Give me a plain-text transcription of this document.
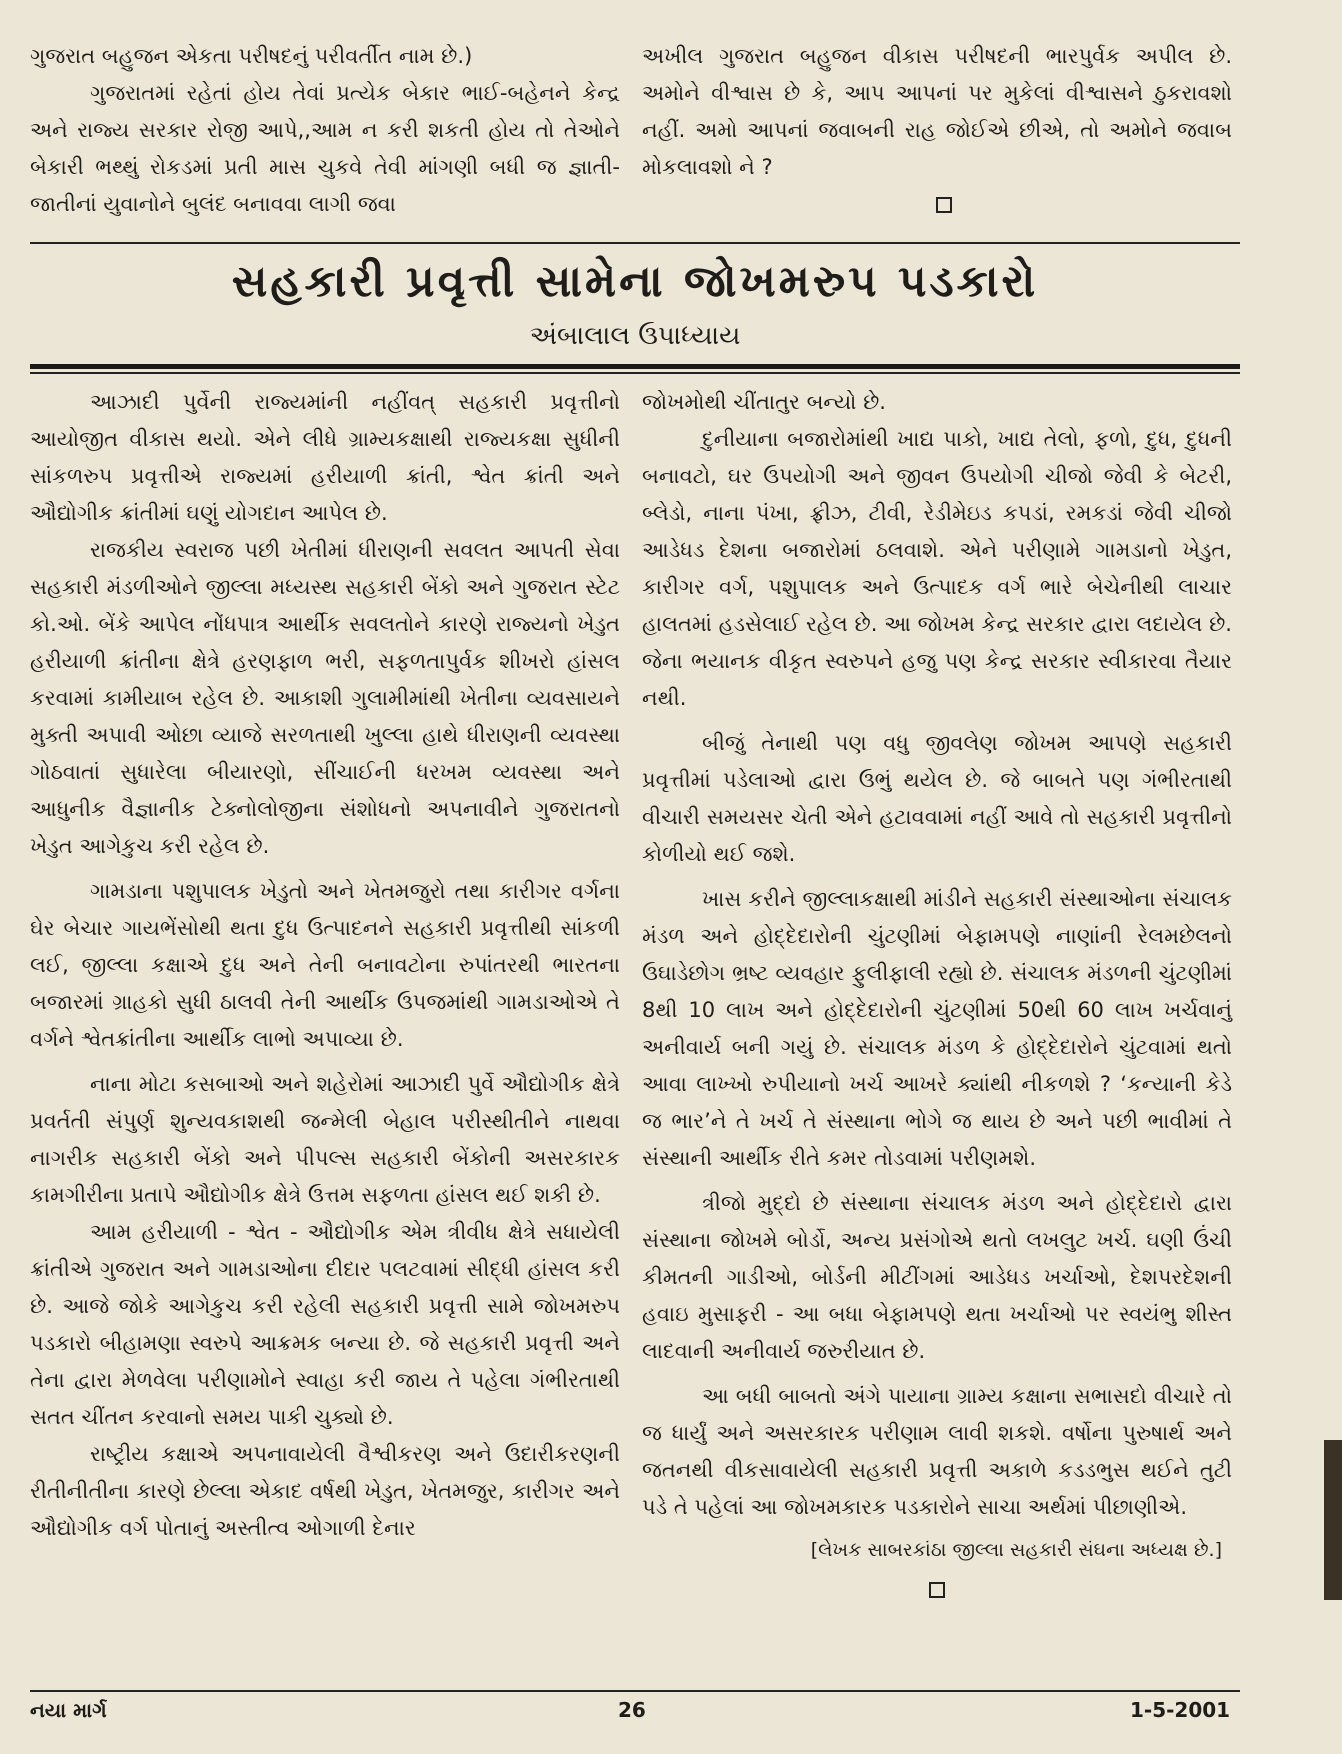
ગુજરાત બહુજન એકતા પરીષદનું પરીવર્તીત નામ છે.)

ગુજરાતમાં રહેતાં હોય તેવાં પ્રત્યેક બેકાર ભાઈ-બહેનને કેન્દ્ર અને રાજ્ય સરકાર રોજી આપે,,આમ ન કરી શકતી હોય તો તેઓને બેકારી ભથ્થું રોકડમાં પ્રતી માસ ચુકવે તેવી માંગણી બધી જ જ્ઞાતી-જાતીનાં યુવાનોને બુલંદ બનાવવા લાગી જવા

અખીલ ગુજરાત બહુજન વીકાસ પરીષદની ભારપુર્વક અપીલ છે. અમોને વીશ્વાસ છે કે, આપ આપનાં પર મુકેલાં વીશ્વાસને ઠુકરાવશો નહીં. અમો આપનાં જવાબની રાહ જોઈએ છીએ, તો અમોને જવાબ મોકલાવશો ને ?

સહકારી પ્રવૃત્તી સામેના જોખમરુપ પડકારો
અંબાલાલ ઉપાધ્યાય

આઝાદી પુર્વેની રાજ્યમાંની નહીંવત્ સહકારી પ્રવૃત્તીનો આયોજીત વીકાસ થયો. એને લીધે ગ્રામ્યકક્ષાથી રાજ્યકક્ષા સુધીની સાંકળરુપ પ્રવૃત્તીએ રાજ્યમાં હરીયાળી ક્રાંતી, શ્વેત ક્રાંતી અને ઔદ્યોગીક ક્રાંતીમાં ઘણું યોગદાન આપેલ છે.

રાજકીય સ્વરાજ પછી ખેતીમાં ધીરાણની સવલત આપતી સેવા સહકારી મંડળીઓને જીલ્લા મધ્યસ્થ સહકારી બેંકો અને ગુજરાત સ્ટેટ કો.ઓ. બેંકે આપેલ નોંધપાત્ર આર્થીક સવલતોને કારણે રાજ્યનો ખેડુત હરીયાળી ક્રાંતીના ક્ષેત્રે હરણફાળ ભરી, સફળતાપુર્વક શીખરો હાંસલ કરવામાં કામીયાબ રહેલ છે. આકાશી ગુલામીમાંથી ખેતીના વ્યવસાયને મુક્તી અપાવી ઓછા વ્યાજે સરળતાથી ખુલ્લા હાથે ધીરાણની વ્યવસ્થા ગોઠવાતાં સુધારેલા બીયારણો, સીંચાઈની ધરખમ વ્યવસ્થા અને આધુનીક વૈજ્ઞાનીક ટેક્નોલોજીના સંશોધનો અપનાવીને ગુજરાતનો ખેડુત આગેકુચ કરી રહેલ છે.

ગામડાના પશુપાલક ખેડુતો અને ખેતમજુરો તથા કારીગર વર્ગના ઘેર બેચાર ગાયભેંસોથી થતા દુધ ઉત્પાદનને સહકારી પ્રવૃત્તીથી સાંકળી લઈ, જીલ્લા કક્ષાએ દુધ અને તેની બનાવટોના રુપાંતરથી ભારતના બજારમાં ગ્રાહકો સુધી ઠાલવી તેની આર્થીક ઉપજમાંથી ગામડાઓએ તે વર્ગને શ્વેતક્રાંતીના આર્થીક લાભો અપાવ્યા છે.

નાના મોટા કસબાઓ અને શહેરોમાં આઝાદી પુર્વે ઔદ્યોગીક ક્ષેત્રે પ્રવર્તતી સંપુર્ણ શુન્યવકાશથી જન્મેલી બેહાલ પરીસ્થીતીને નાથવા નાગરીક સહકારી બેંકો અને પીપલ્સ સહકારી બેંકોની અસરકારક કામગીરીના પ્રતાપે ઔદ્યોગીક ક્ષેત્રે ઉત્તમ સફળતા હાંસલ થઈ શકી છે.

આમ હરીયાળી - શ્વેત - ઔદ્યોગીક એમ ત્રીવીધ ક્ષેત્રે સધાયેલી ક્રાંતીએ ગુજરાત અને ગામડાઓના દીદાર પલટવામાં સીદ્ધી હાંસલ કરી છે. આજે જોકે આગેકુચ કરી રહેલી સહકારી પ્રવૃત્તી સામે જોખમરુપ પડકારો બીહામણા સ્વરુપે આક્રમક બન્યા છે. જે સહકારી પ્રવૃત્તી અને તેના દ્વારા મેળવેલા પરીણામોને સ્વાહા કરી જાય તે પહેલા ગંભીરતાથી સતત ચીંતન કરવાનો સમય પાકી ચુક્યો છે.

રાષ્ટ્રીય કક્ષાએ અપનાવાયેલી વૈશ્વીકરણ અને ઉદારીકરણની રીતીનીતીના કારણે છેલ્લા એકાદ વર્ષથી ખેડુત, ખેતમજુર, કારીગર અને ઔદ્યોગીક વર્ગ પોતાનું અસ્તીત્વ ઓગાળી દેનાર

જોખમોથી ચીંતાતુર બન્યો છે.

દુનીયાના બજારોમાંથી ખાદ્ય પાકો, ખાદ્ય તેલો, ફળો, દુધ, દુધની બનાવટો, ઘર ઉપયોગી અને જીવન ઉપયોગી ચીજો જેવી કે બેટરી, બ્લેડો, નાના પંખા, ફ્રીઝ, ટીવી, રેડીમેઇડ કપડાં, રમકડાં જેવી ચીજો આડેધડ દેશના બજારોમાં ઠલવાશે. એને પરીણામે ગામડાનો ખેડુત, કારીગર વર્ગ, પશુપાલક અને ઉત્પાદક વર્ગ ભારે બેચેનીથી લાચાર હાલતમાં હડસેલાઈ રહેલ છે. આ જોખમ કેન્દ્ર સરકાર દ્વારા લદાયેલ છે. જેના ભયાનક વીકૃત સ્વરુપને હજુ પણ કેન્દ્ર સરકાર સ્વીકારવા તૈયાર નથી.

બીજું તેનાથી પણ વધુ જીવલેણ જોખમ આપણે સહકારી પ્રવૃત્તીમાં પડેલાઓ દ્વારા ઉભું થયેલ છે. જે બાબતે પણ ગંભીરતાથી વીચારી સમયસર ચેતી એને હટાવવામાં નહીં આવે તો સહકારી પ્રવૃત્તીનો કોળીયો થઈ જશે.

ખાસ કરીને જીલ્લાકક્ષાથી માંડીને સહકારી સંસ્થાઓના સંચાલક મંડળ અને હોદ્દેદારોની ચુંટણીમાં બેફામપણે નાણાંની રેલમછેલનો ઉઘાડેછોગ ભ્રષ્ટ વ્યવહાર ફુલીફાલી રહ્યો છે. સંચાલક મંડળની ચુંટણીમાં 8થી 10 લાખ અને હોદ્દેદારોની ચુંટણીમાં 50થી 60 લાખ ખર્ચવાનું અનીવાર્ય બની ગયું છે. સંચાલક મંડળ કે હોદ્દેદારોને ચુંટવામાં થતો આવા લાખ્ખો રુપીયાનો ખર્ચ આખરે ક્યાંથી નીકળશે ? ‘કન્યાની કેડે જ ભાર’ને તે ખર્ચ તે સંસ્થાના ભોગે જ થાય છે અને પછી ભાવીમાં તે સંસ્થાની આર્થીક રીતે કમર તોડવામાં પરીણમશે.

ત્રીજો મુદ્દો છે સંસ્થાના સંચાલક મંડળ અને હોદ્દેદારો દ્વારા સંસ્થાના જોખમે બોર્ડો, અન્ય પ્રસંગોએ થતો લખલુટ ખર્ચ. ઘણી ઉંચી કીમતની ગાડીઓ, બોર્ડની મીટીંગમાં આડેધડ ખર્ચાઓ, દેશપરદેશની હવાઇ મુસાફરી - આ બધા બેફામપણે થતા ખર્ચાઓ પર સ્વયંભુ શીસ્ત લાદવાની અનીવાર્ય જરુરીયાત છે.

આ બધી બાબતો અંગે પાયાના ગ્રામ્ય કક્ષાના સભાસદો વીચારે તો જ ધાર્યું અને અસરકારક પરીણામ લાવી શકશે. વર્ષોના પુરુષાર્થ અને જતનથી વીકસાવાયેલી સહકારી પ્રવૃત્તી અકાળે કડડભુસ થઈને તુટી પડે તે પહેલાં આ જોખમકારક પડકારોને સાચા અર્થમાં પીછાણીએ.

[લેખક સાબરકાંઠા જીલ્લા સહકારી સંઘના અધ્યક્ષ છે.]
નયા માર્ગ	26	1-5-2001
